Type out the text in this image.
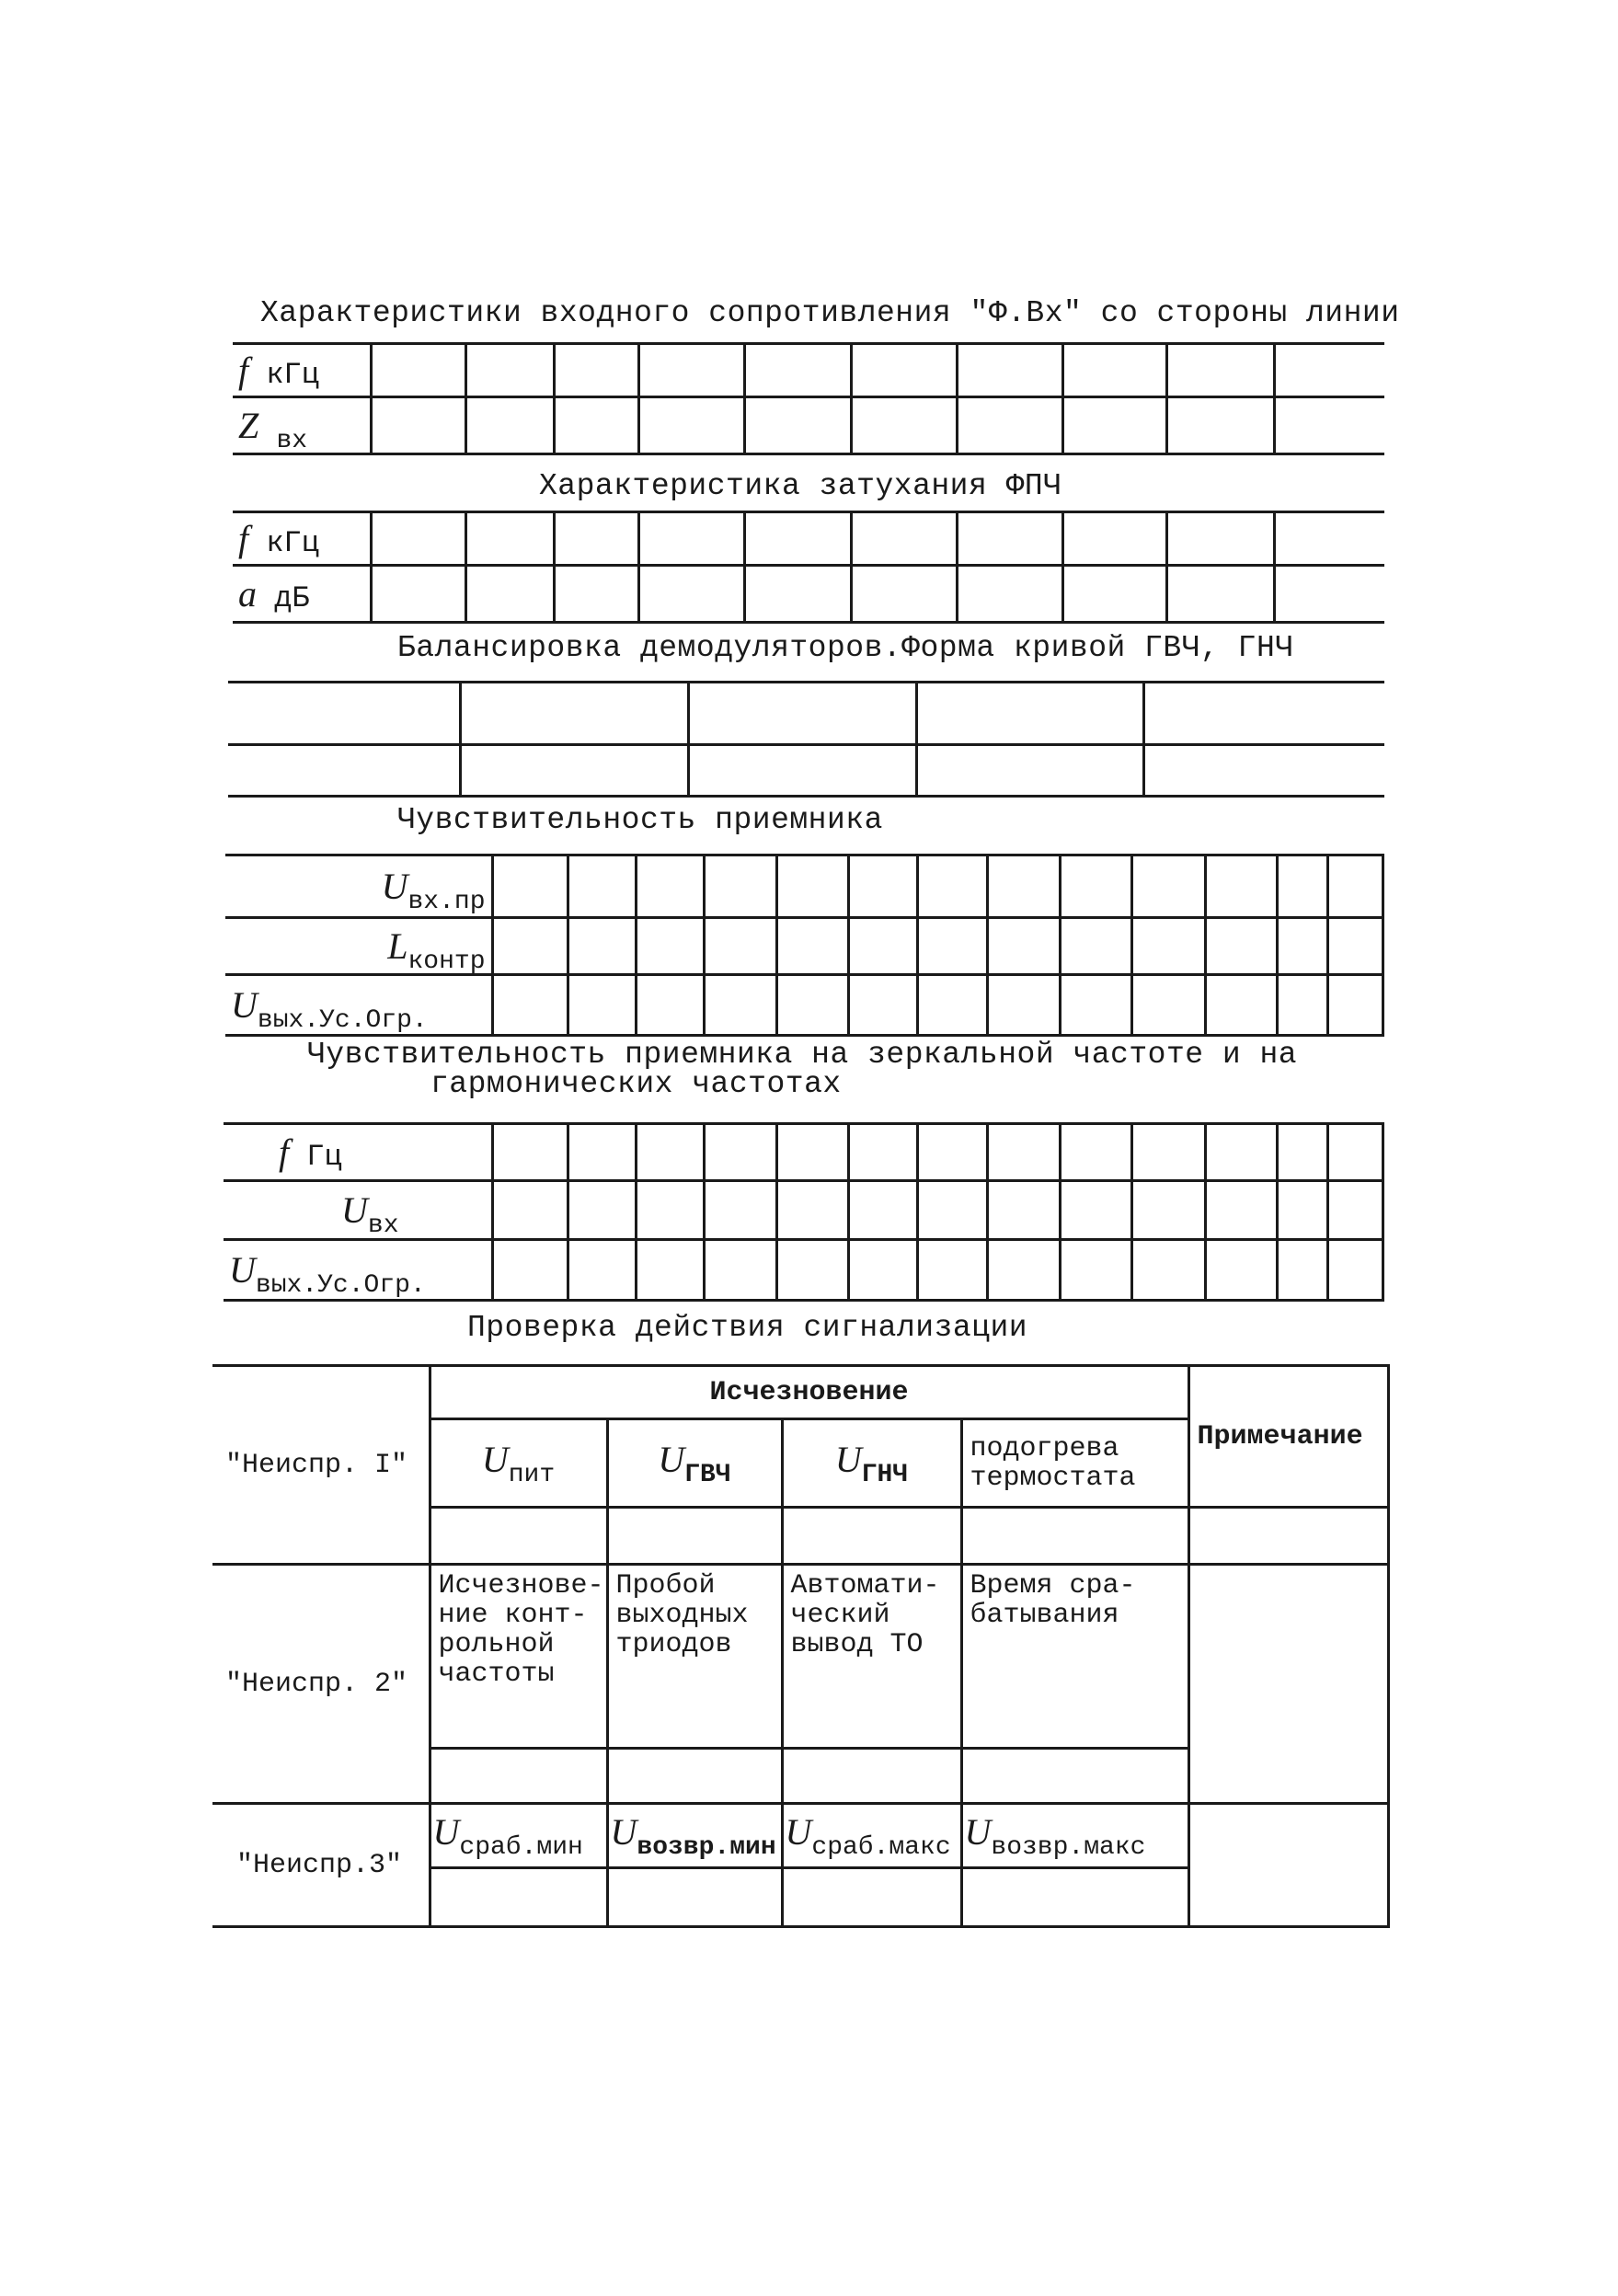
Характеристики входного сопротивления "Ф.Вх" со стороны линии
f кГц										
Z вх										
Характеристика затухания ФПЧ
f кГц										
a дБ										
Балансировка демодуляторов.Форма кривой ГВЧ, ГНЧ

Чувствительность приемника
Uвх.пр													
Lконтр													
Uвых.Ус.Огр.													
Чувствительность приемника на зеркальной частоте и на
гармонических частотах
f Гц													
Uвх													
Uвых.Ус.Огр.													
Проверка действия сигнализации
"Неиспр. I"	Исчезновение				Примечание
	Uпит	UГВЧ	UГНЧ	подогрева термостата	

"Неиспр. 2"	Исчезнове-ние конт-рольной частоты	Пробой выходных триодов	Автомати-ческий вывод ТО	Время сра-батывания	

"Неиспр.3"	Uсраб.мин	Uвозвр.мин	Uсраб.макс	Uвозвр.макс	
